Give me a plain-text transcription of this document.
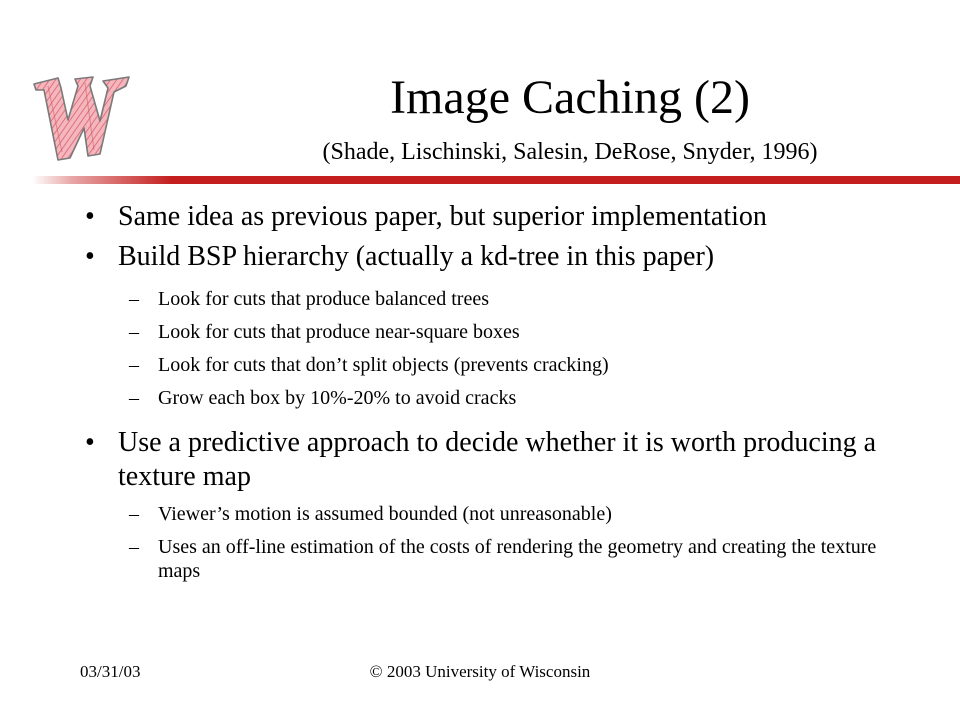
Image Caching (2)
(Shade, Lischinski, Salesin, DeRose, Snyder, 1996)
• Same idea as previous paper, but superior implementation
• Build BSP hierarchy (actually a kd-tree in this paper)
– Look for cuts that produce balanced trees
– Look for cuts that produce near-square boxes
– Look for cuts that don’t split objects (prevents cracking)
– Grow each box by 10%-20% to avoid cracks
• Use a predictive approach to decide whether it is worth producing a texture map
– Viewer’s motion is assumed bounded (not unreasonable)
– Uses an off-line estimation of the costs of rendering the geometry and creating the texture maps
03/31/03	© 2003 University of Wisconsin
